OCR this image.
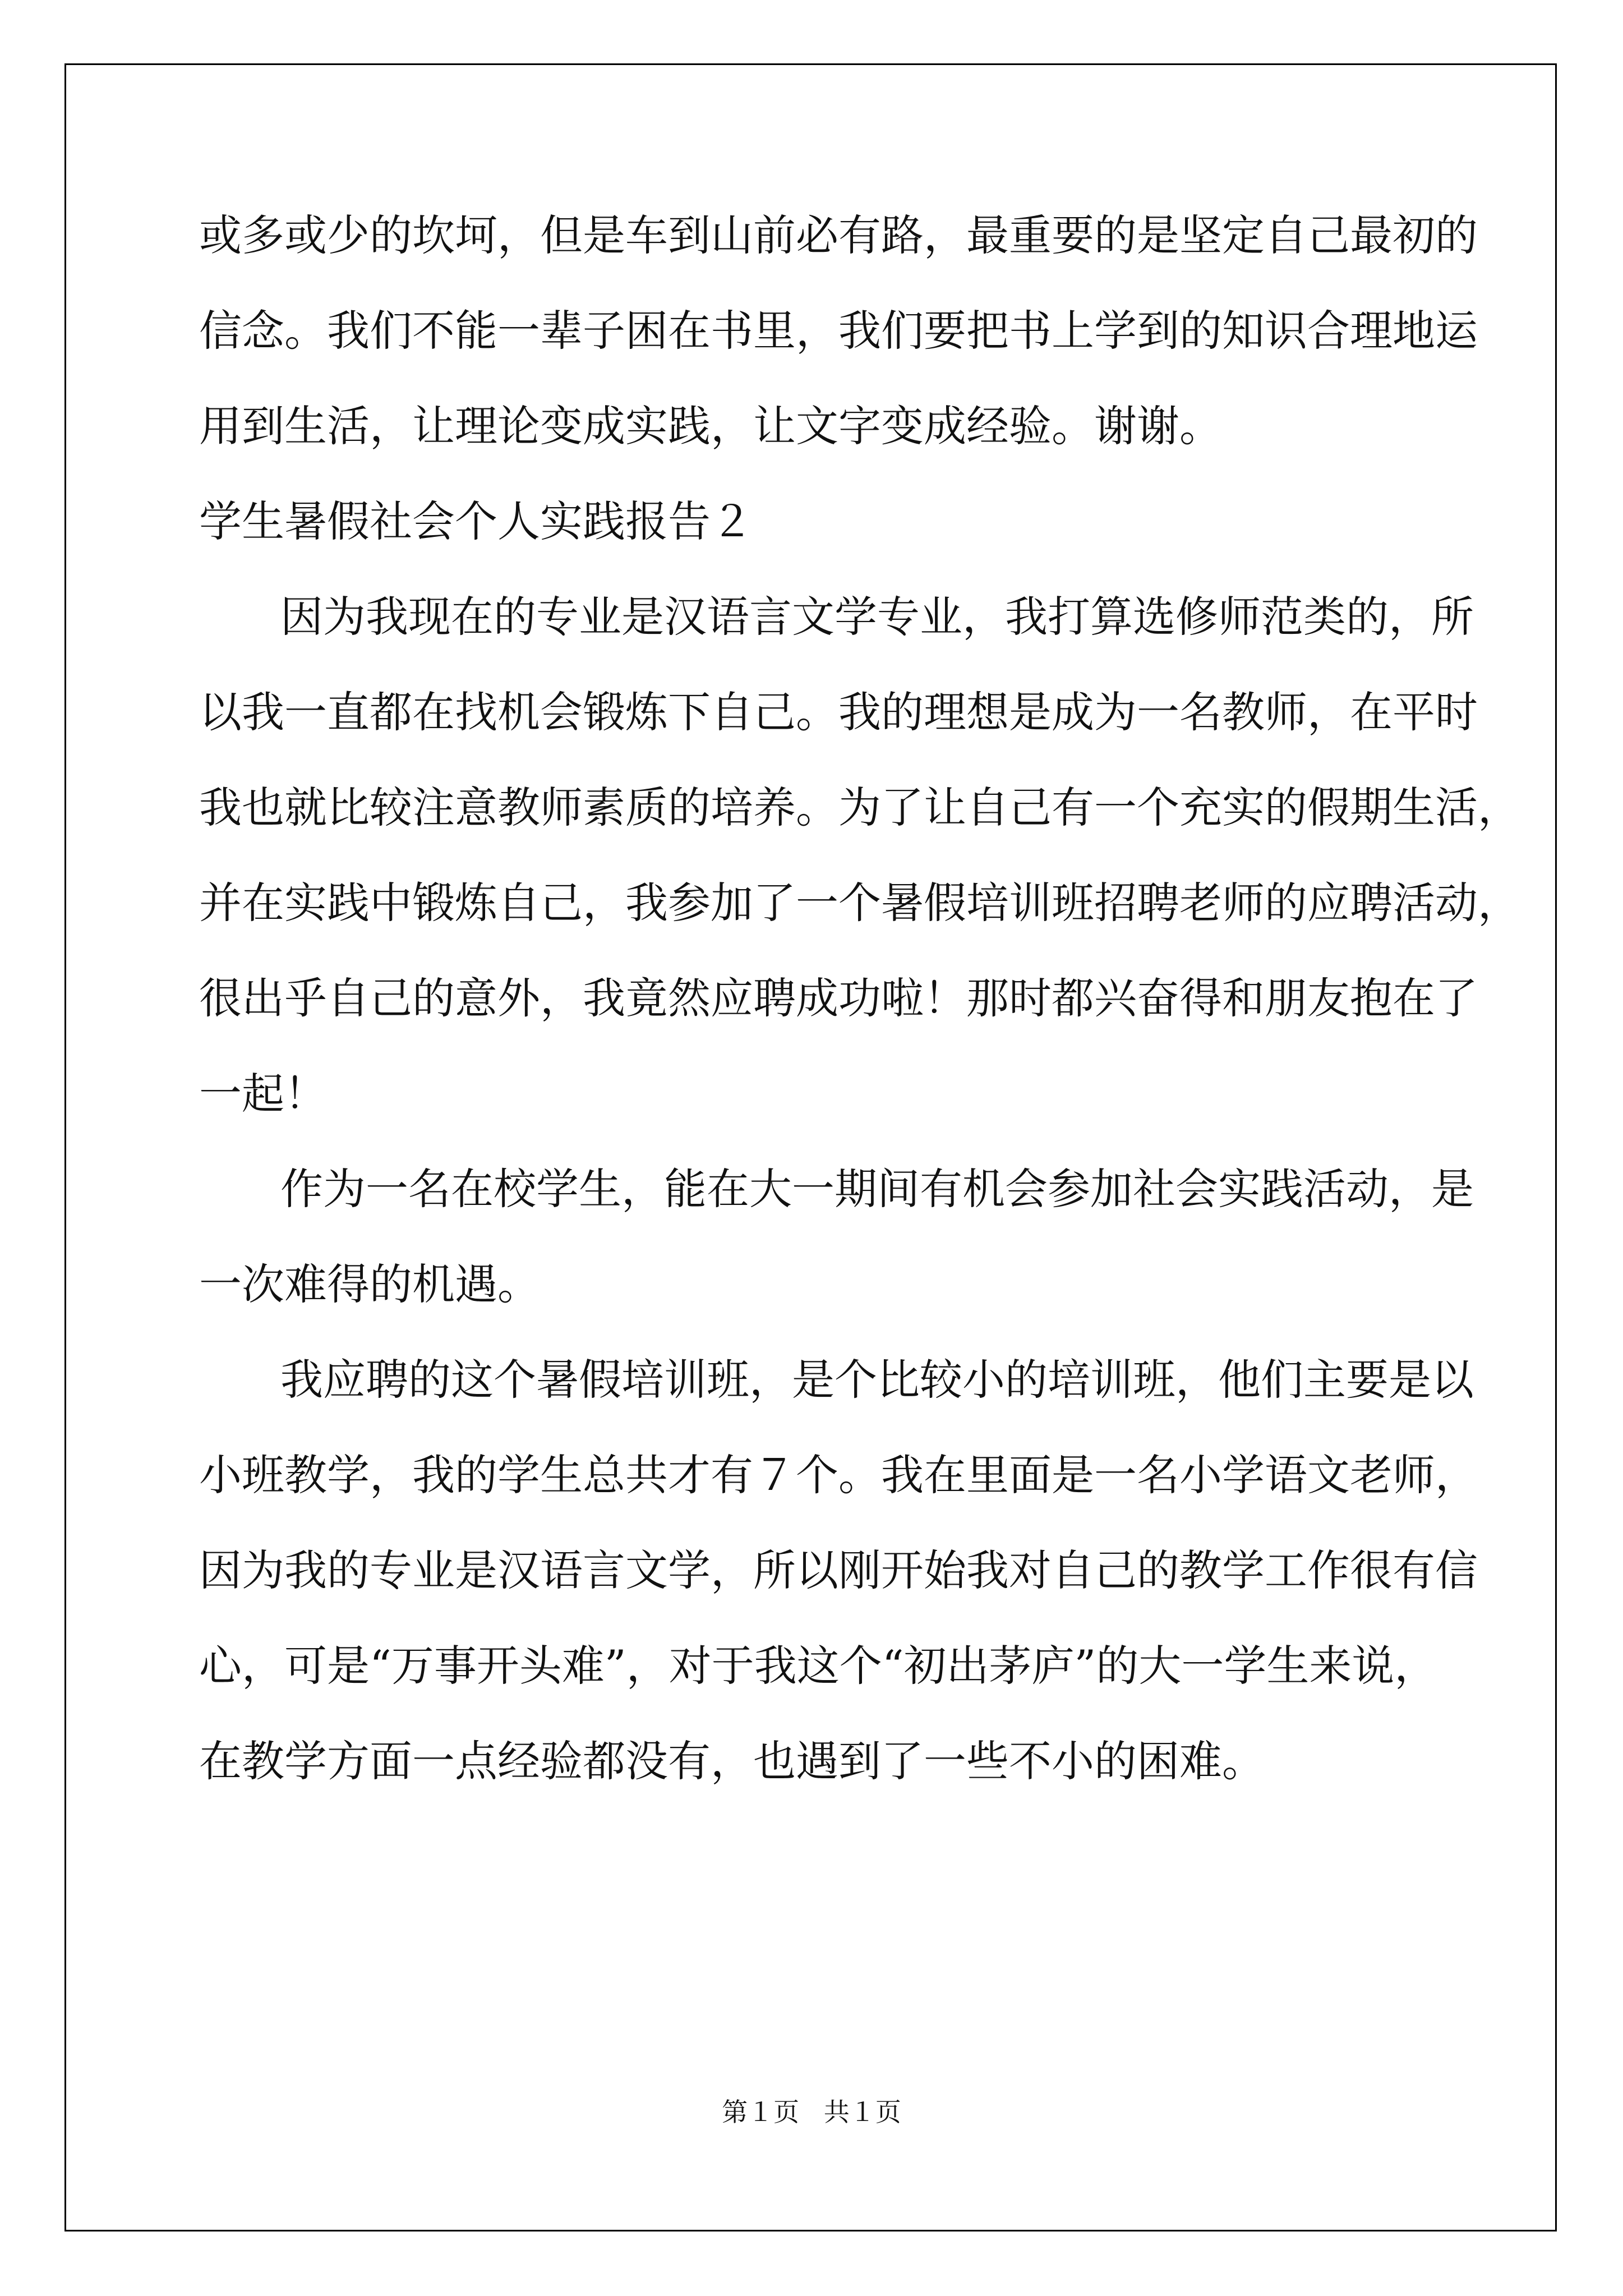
或多或少的坎坷，但是车到山前必有路，最重要的是坚定自己最初的
信念。我们不能一辈子困在书里，我们要把书上学到的知识合理地运
用到生活，让理论变成实践，让文字变成经验。谢谢。
学生暑假社会个人实践报告２
因为我现在的专业是汉语言文学专业，我打算选修师范类的，所
以我一直都在找机会锻炼下自己。我的理想是成为一名教师，在平时
我也就比较注意教师素质的培养。为了让自己有一个充实的假期生活，
并在实践中锻炼自己，我参加了一个暑假培训班招聘老师的应聘活动，
很出乎自己的意外，我竟然应聘成功啦！那时都兴奋得和朋友抱在了
一起！
作为一名在校学生，能在大一期间有机会参加社会实践活动，是
一次难得的机遇。
我应聘的这个暑假培训班，是个比较小的培训班，他们主要是以
小班教学，我的学生总共才有７个。我在里面是一名小学语文老师，
因为我的专业是汉语言文学，所以刚开始我对自己的教学工作很有信
心，可是“万事开头难”，对于我这个“初出茅庐”的大一学生来说，
在教学方面一点经验都没有，也遇到了一些不小的困难。
第１页   共１页
